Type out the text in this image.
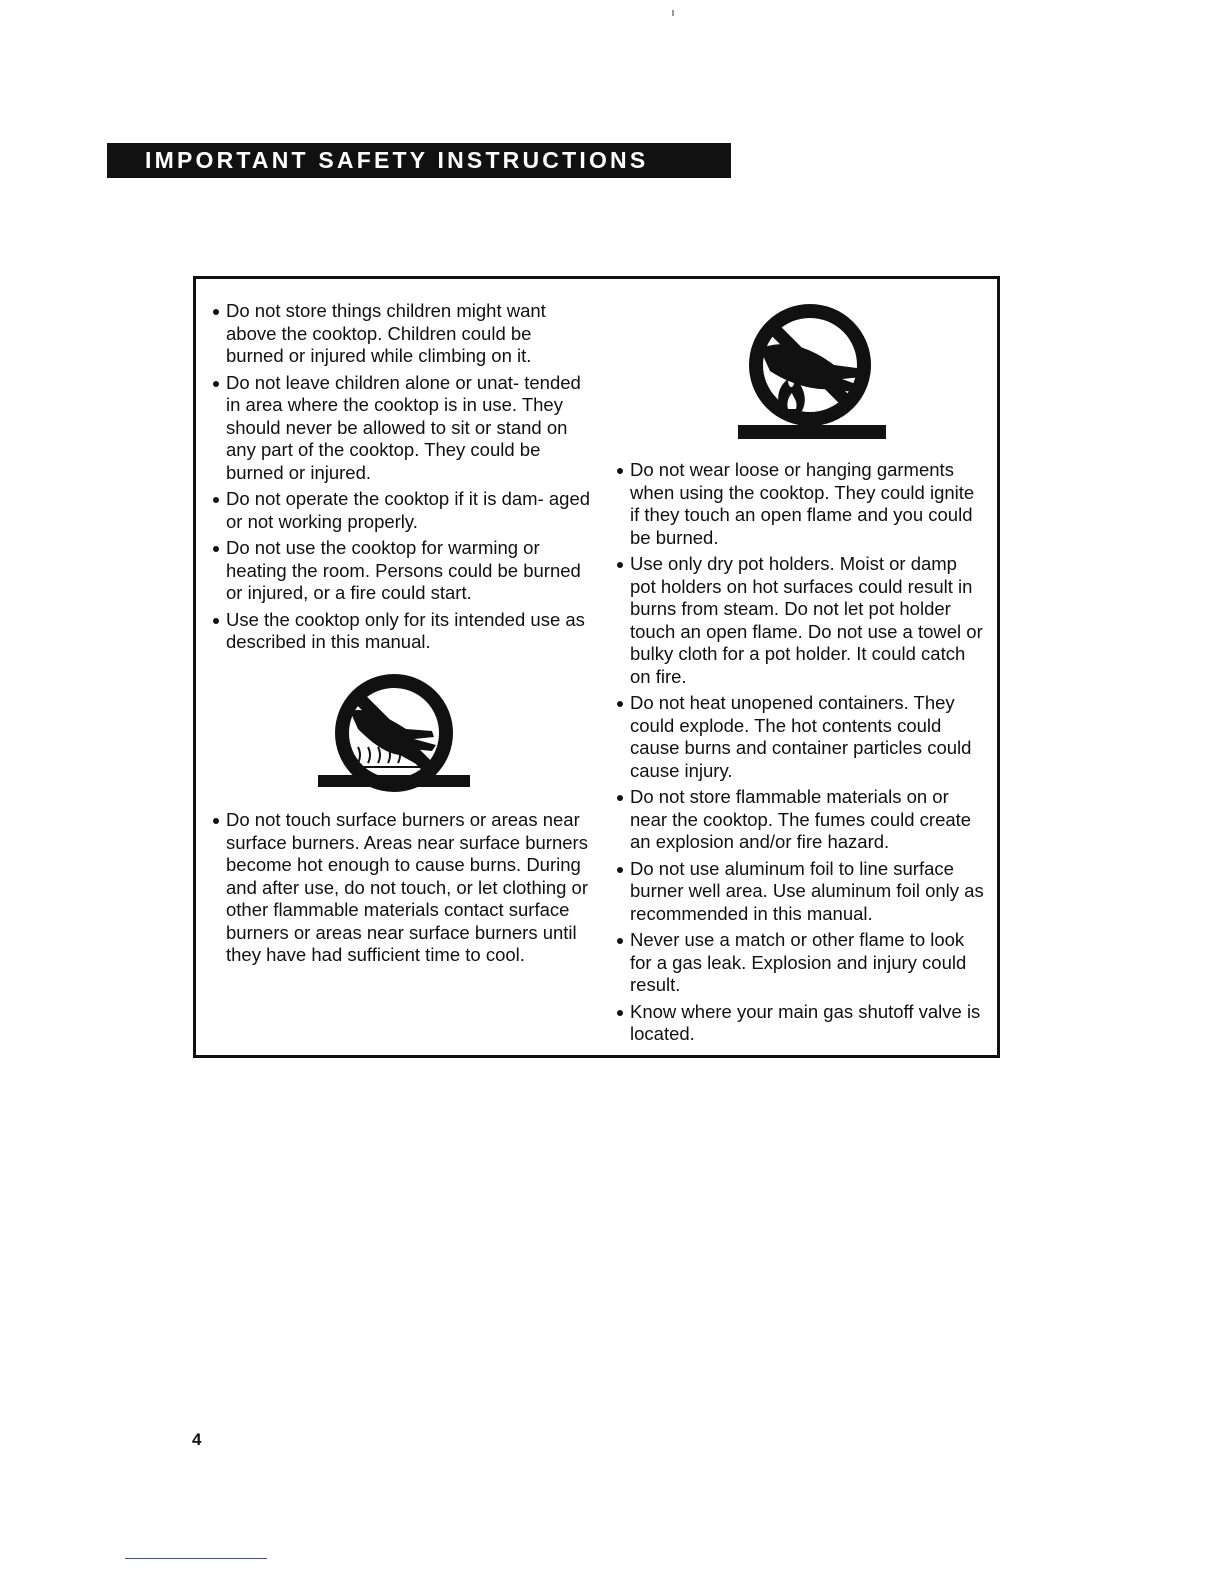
IMPORTANT SAFETY INSTRUCTIONS
Do not store things children might want above the cooktop. Children could be burned or injured while climbing on it.
Do not leave children alone or unat- tended in area where the cooktop is in use. They should never be allowed to sit or stand on any part of the cooktop. They could be burned or injured.
Do not operate the cooktop if it is dam- aged or not working properly.
Do not use the cooktop for warming or heating the room. Persons could be burned or injured, or a fire could start.
Use the cooktop only for its intended use as described in this manual.
Do not touch surface burners or areas near surface burners. Areas near surface burners become hot enough to cause burns. During and after use, do not touch, or let clothing or other flammable materials contact surface burners or areas near surface burners until they have had sufficient time to cool.
Do not wear loose or hanging garments when using the cooktop. They could ignite if they touch an open flame and you could be burned.
Use only dry pot holders. Moist or damp pot holders on hot surfaces could result in burns from steam. Do not let pot holder touch an open flame. Do not use a towel or bulky cloth for a pot holder. It could catch on fire.
Do not heat unopened containers. They could explode. The hot contents could cause burns and container particles could cause injury.
Do not store flammable materials on or near the cooktop. The fumes could create an explosion and/or fire hazard.
Do not use aluminum foil to line surface burner well area. Use aluminum foil only as recommended in this manual.
Never use a match or other flame to look for a gas leak. Explosion and injury could result.
Know where your main gas shutoff valve is located.
4
